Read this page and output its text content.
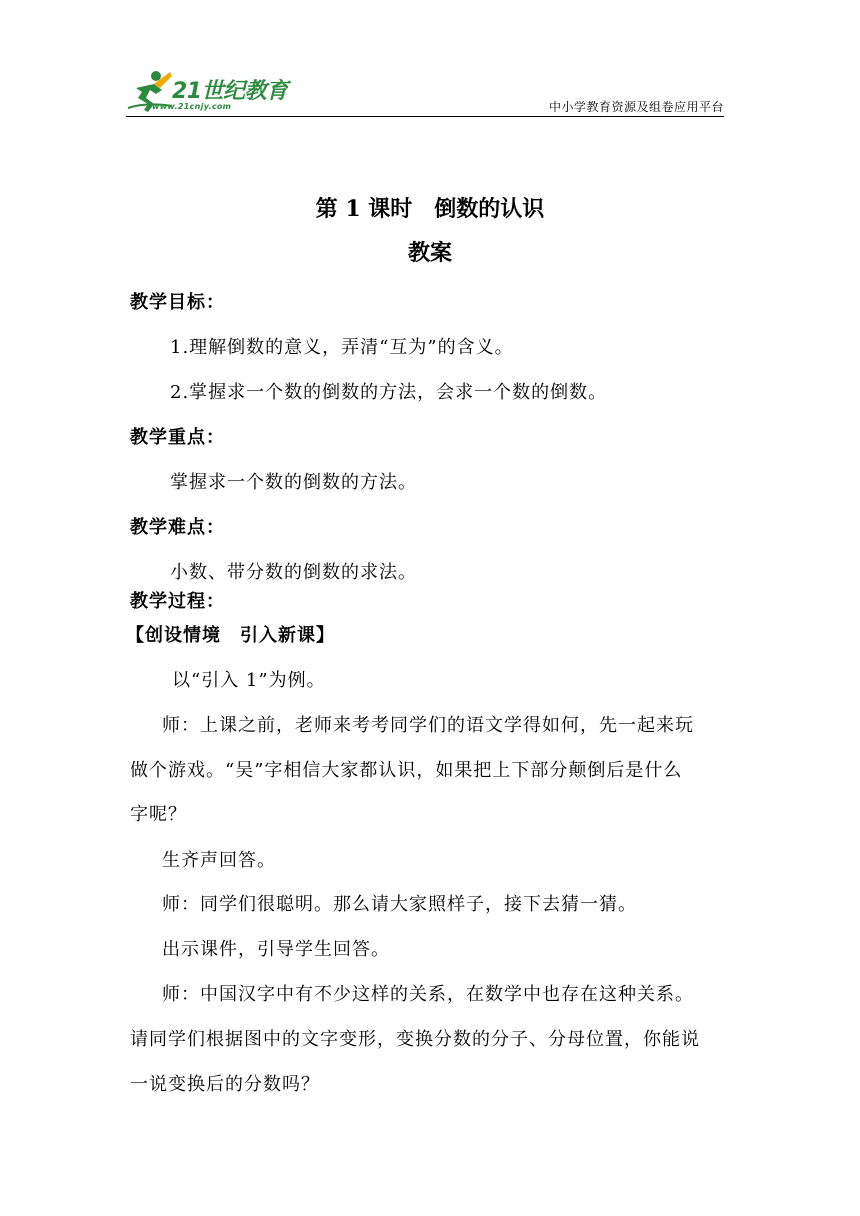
21世纪教育
www.21cnjy.com	中小学教育资源及组卷应用平台
第 1 课时　倒数的认识
教案
教学目标：
1.理解倒数的意义，弄清“互为”的含义。
2.掌握求一个数的倒数的方法，会求一个数的倒数。
教学重点：
掌握求一个数的倒数的方法。
教学难点：
小数、带分数的倒数的求法。
教学过程：
【创设情境　引入新课】
以“引入 1”为例。
师：上课之前，老师来考考同学们的语文学得如何，先一起来玩
做个游戏。“吴”字相信大家都认识，如果把上下部分颠倒后是什么
字呢？
生齐声回答。
师：同学们很聪明。那么请大家照样子，接下去猜一猜。
出示课件，引导学生回答。
师：中国汉字中有不少这样的关系，在数学中也存在这种关系。
请同学们根据图中的文字变形，变换分数的分子、分母位置，你能说
一说变换后的分数吗？
